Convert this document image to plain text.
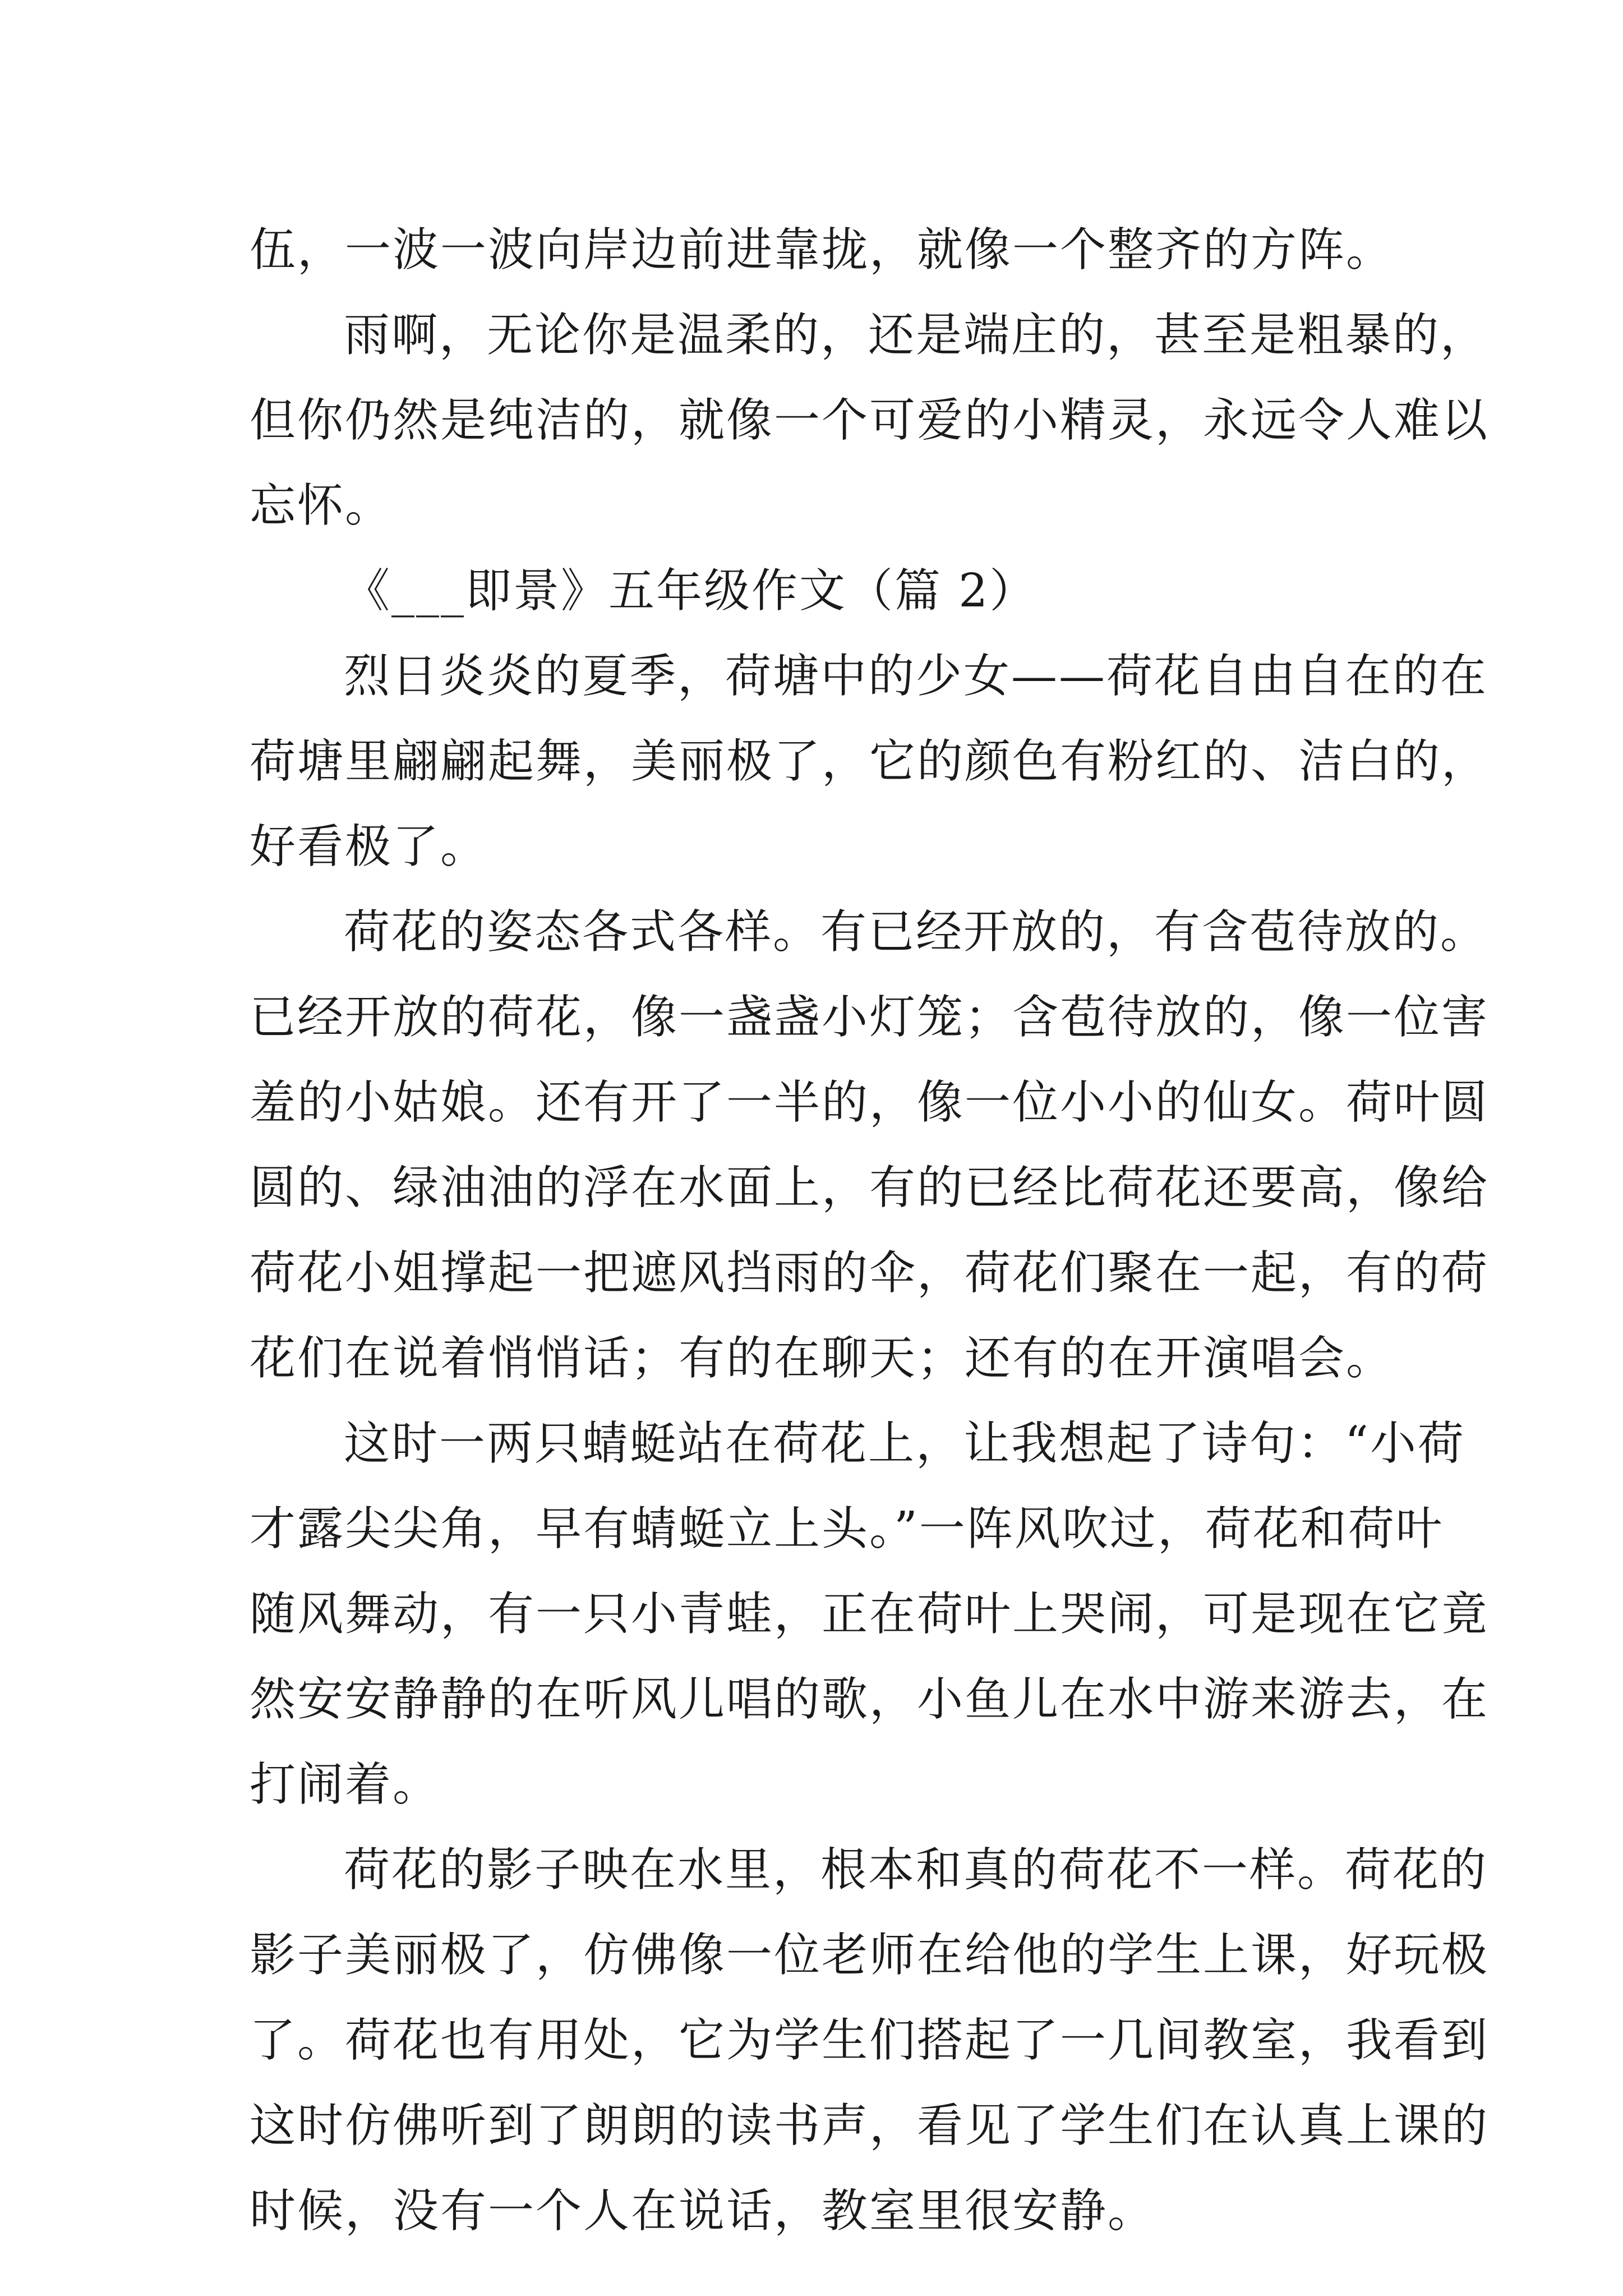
伍，一波一波向岸边前进靠拢，就像一个整齐的方阵。
雨啊，无论你是温柔的，还是端庄的，甚至是粗暴的，
但你仍然是纯洁的，就像一个可爱的小精灵，永远令人难以
忘怀。
《___即景》五年级作文（篇 2）
烈日炎炎的夏季，荷塘中的少女——荷花自由自在的在
荷塘里翩翩起舞，美丽极了，它的颜色有粉红的、洁白的，
好看极了。
荷花的姿态各式各样。有已经开放的，有含苞待放的。
已经开放的荷花，像一盏盏小灯笼；含苞待放的，像一位害
羞的小姑娘。还有开了一半的，像一位小小的仙女。荷叶圆
圆的、绿油油的浮在水面上，有的已经比荷花还要高，像给
荷花小姐撑起一把遮风挡雨的伞，荷花们聚在一起，有的荷
花们在说着悄悄话；有的在聊天；还有的在开演唱会。
这时一两只蜻蜓站在荷花上，让我想起了诗句：“小荷
才露尖尖角，早有蜻蜓立上头。”一阵风吹过，荷花和荷叶
随风舞动，有一只小青蛙，正在荷叶上哭闹，可是现在它竟
然安安静静的在听风儿唱的歌，小鱼儿在水中游来游去，在
打闹着。
荷花的影子映在水里，根本和真的荷花不一样。荷花的
影子美丽极了，仿佛像一位老师在给他的学生上课，好玩极
了。荷花也有用处，它为学生们搭起了一几间教室，我看到
这时仿佛听到了朗朗的读书声，看见了学生们在认真上课的
时候，没有一个人在说话，教室里很安静。
